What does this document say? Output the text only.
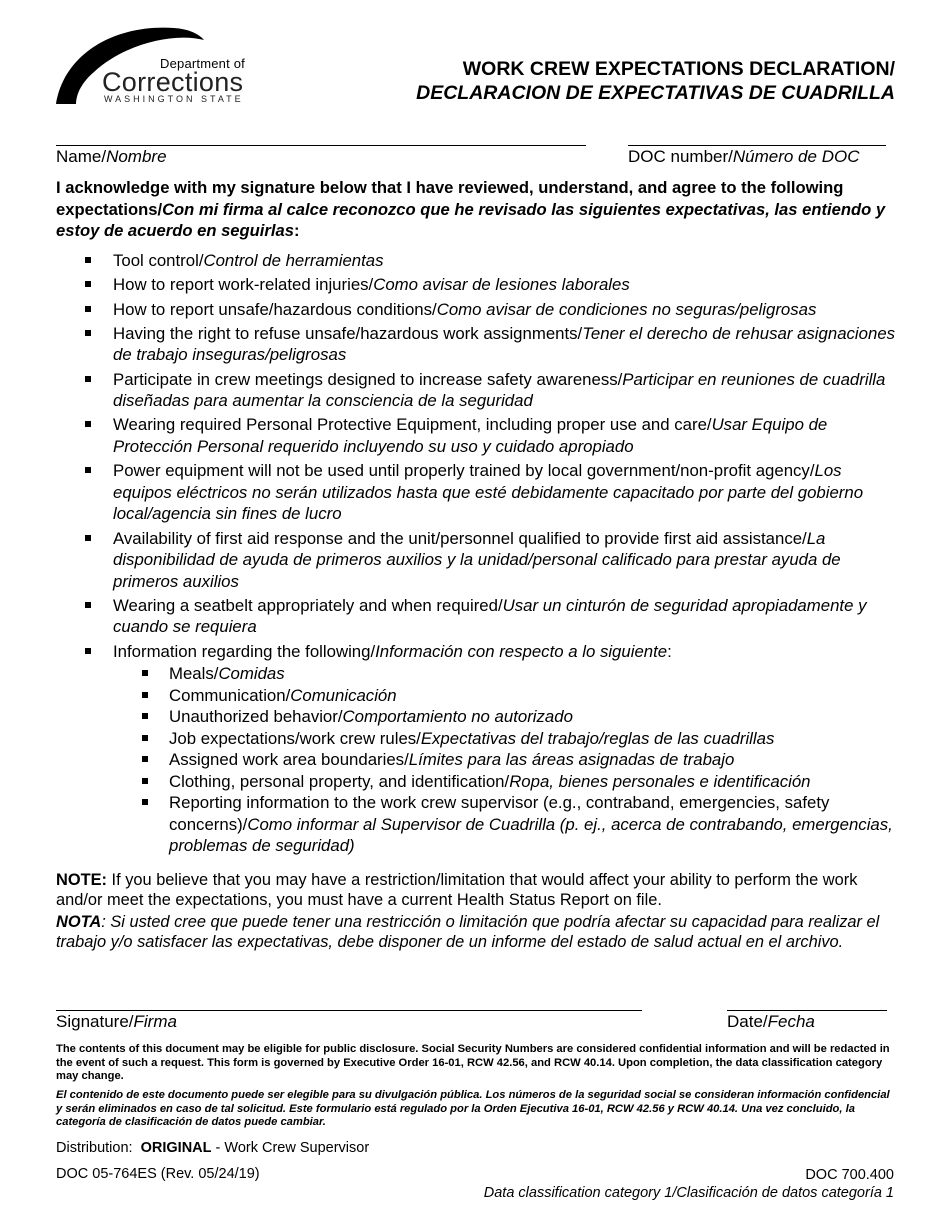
Department of
Corrections
WASHINGTON STATE
WORK CREW EXPECTATIONS DECLARATION/
DECLARACION DE EXPECTATIVAS DE CUADRILLA
Name/Nombre	DOC number/Número de DOC
I acknowledge with my signature below that I have reviewed, understand, and agree to the following expectations/Con mi firma al calce reconozco que he revisado las siguientes expectativas, las entiendo y estoy de acuerdo en seguirlas:
Tool control/Control de herramientas
How to report work-related injuries/Como avisar de lesiones laborales
How to report unsafe/hazardous conditions/Como avisar de condiciones no seguras/peligrosas
Having the right to refuse unsafe/hazardous work assignments/Tener el derecho de rehusar asignaciones de trabajo inseguras/peligrosas
Participate in crew meetings designed to increase safety awareness/Participar en reuniones de cuadrilla diseñadas para aumentar la consciencia de la seguridad
Wearing required Personal Protective Equipment, including proper use and care/Usar Equipo de Protección Personal requerido incluyendo su uso y cuidado apropiado
Power equipment will not be used until properly trained by local government/non-profit agency/Los equipos eléctricos no serán utilizados hasta que esté debidamente capacitado por parte del gobierno local/agencia sin fines de lucro
Availability of first aid response and the unit/personnel qualified to provide first aid assistance/La disponibilidad de ayuda de primeros auxilios y la unidad/personal calificado para prestar ayuda de primeros auxilios
Wearing a seatbelt appropriately and when required/Usar un cinturón de seguridad apropiadamente y cuando se requiera
Information regarding the following/Información con respecto a lo siguiente:
Meals/Comidas
Communication/Comunicación
Unauthorized behavior/Comportamiento no autorizado
Job expectations/work crew rules/Expectativas del trabajo/reglas de las cuadrillas
Assigned work area boundaries/Límites para las áreas asignadas de trabajo
Clothing, personal property, and identification/Ropa, bienes personales e identificación
Reporting information to the work crew supervisor (e.g., contraband, emergencies, safety concerns)/Como informar al Supervisor de Cuadrilla (p. ej., acerca de contrabando, emergencias, problemas de seguridad)

NOTE: If you believe that you may have a restriction/limitation that would affect your ability to perform the work and/or meet the expectations, you must have a current Health Status Report on file.

NOTA: Si usted cree que puede tener una restricción o limitación que podría afectar su capacidad para realizar el trabajo y/o satisfacer las expectativas, debe disponer de un informe del estado de salud actual en el archivo.

Signature/Firma	Date/Fecha
The contents of this document may be eligible for public disclosure. Social Security Numbers are considered confidential information and will be redacted in the event of such a request. This form is governed by Executive Order 16-01, RCW 42.56, and RCW 40.14. Upon completion, the data classification category may change.
El contenido de este documento puede ser elegible para su divulgación pública. Los números de la seguridad social se consideran información confidencial y serán eliminados en caso de tal solicitud. Este formulario está regulado por la Orden Ejecutiva 16-01, RCW 42.56 y RCW 40.14. Una vez concluido, la categoría de clasificación de datos puede cambiar.
Distribution: ORIGINAL - Work Crew Supervisor
DOC 05-764ES (Rev. 05/24/19)	DOC 700.400
Data classification category 1/Clasificación de datos categoría 1
